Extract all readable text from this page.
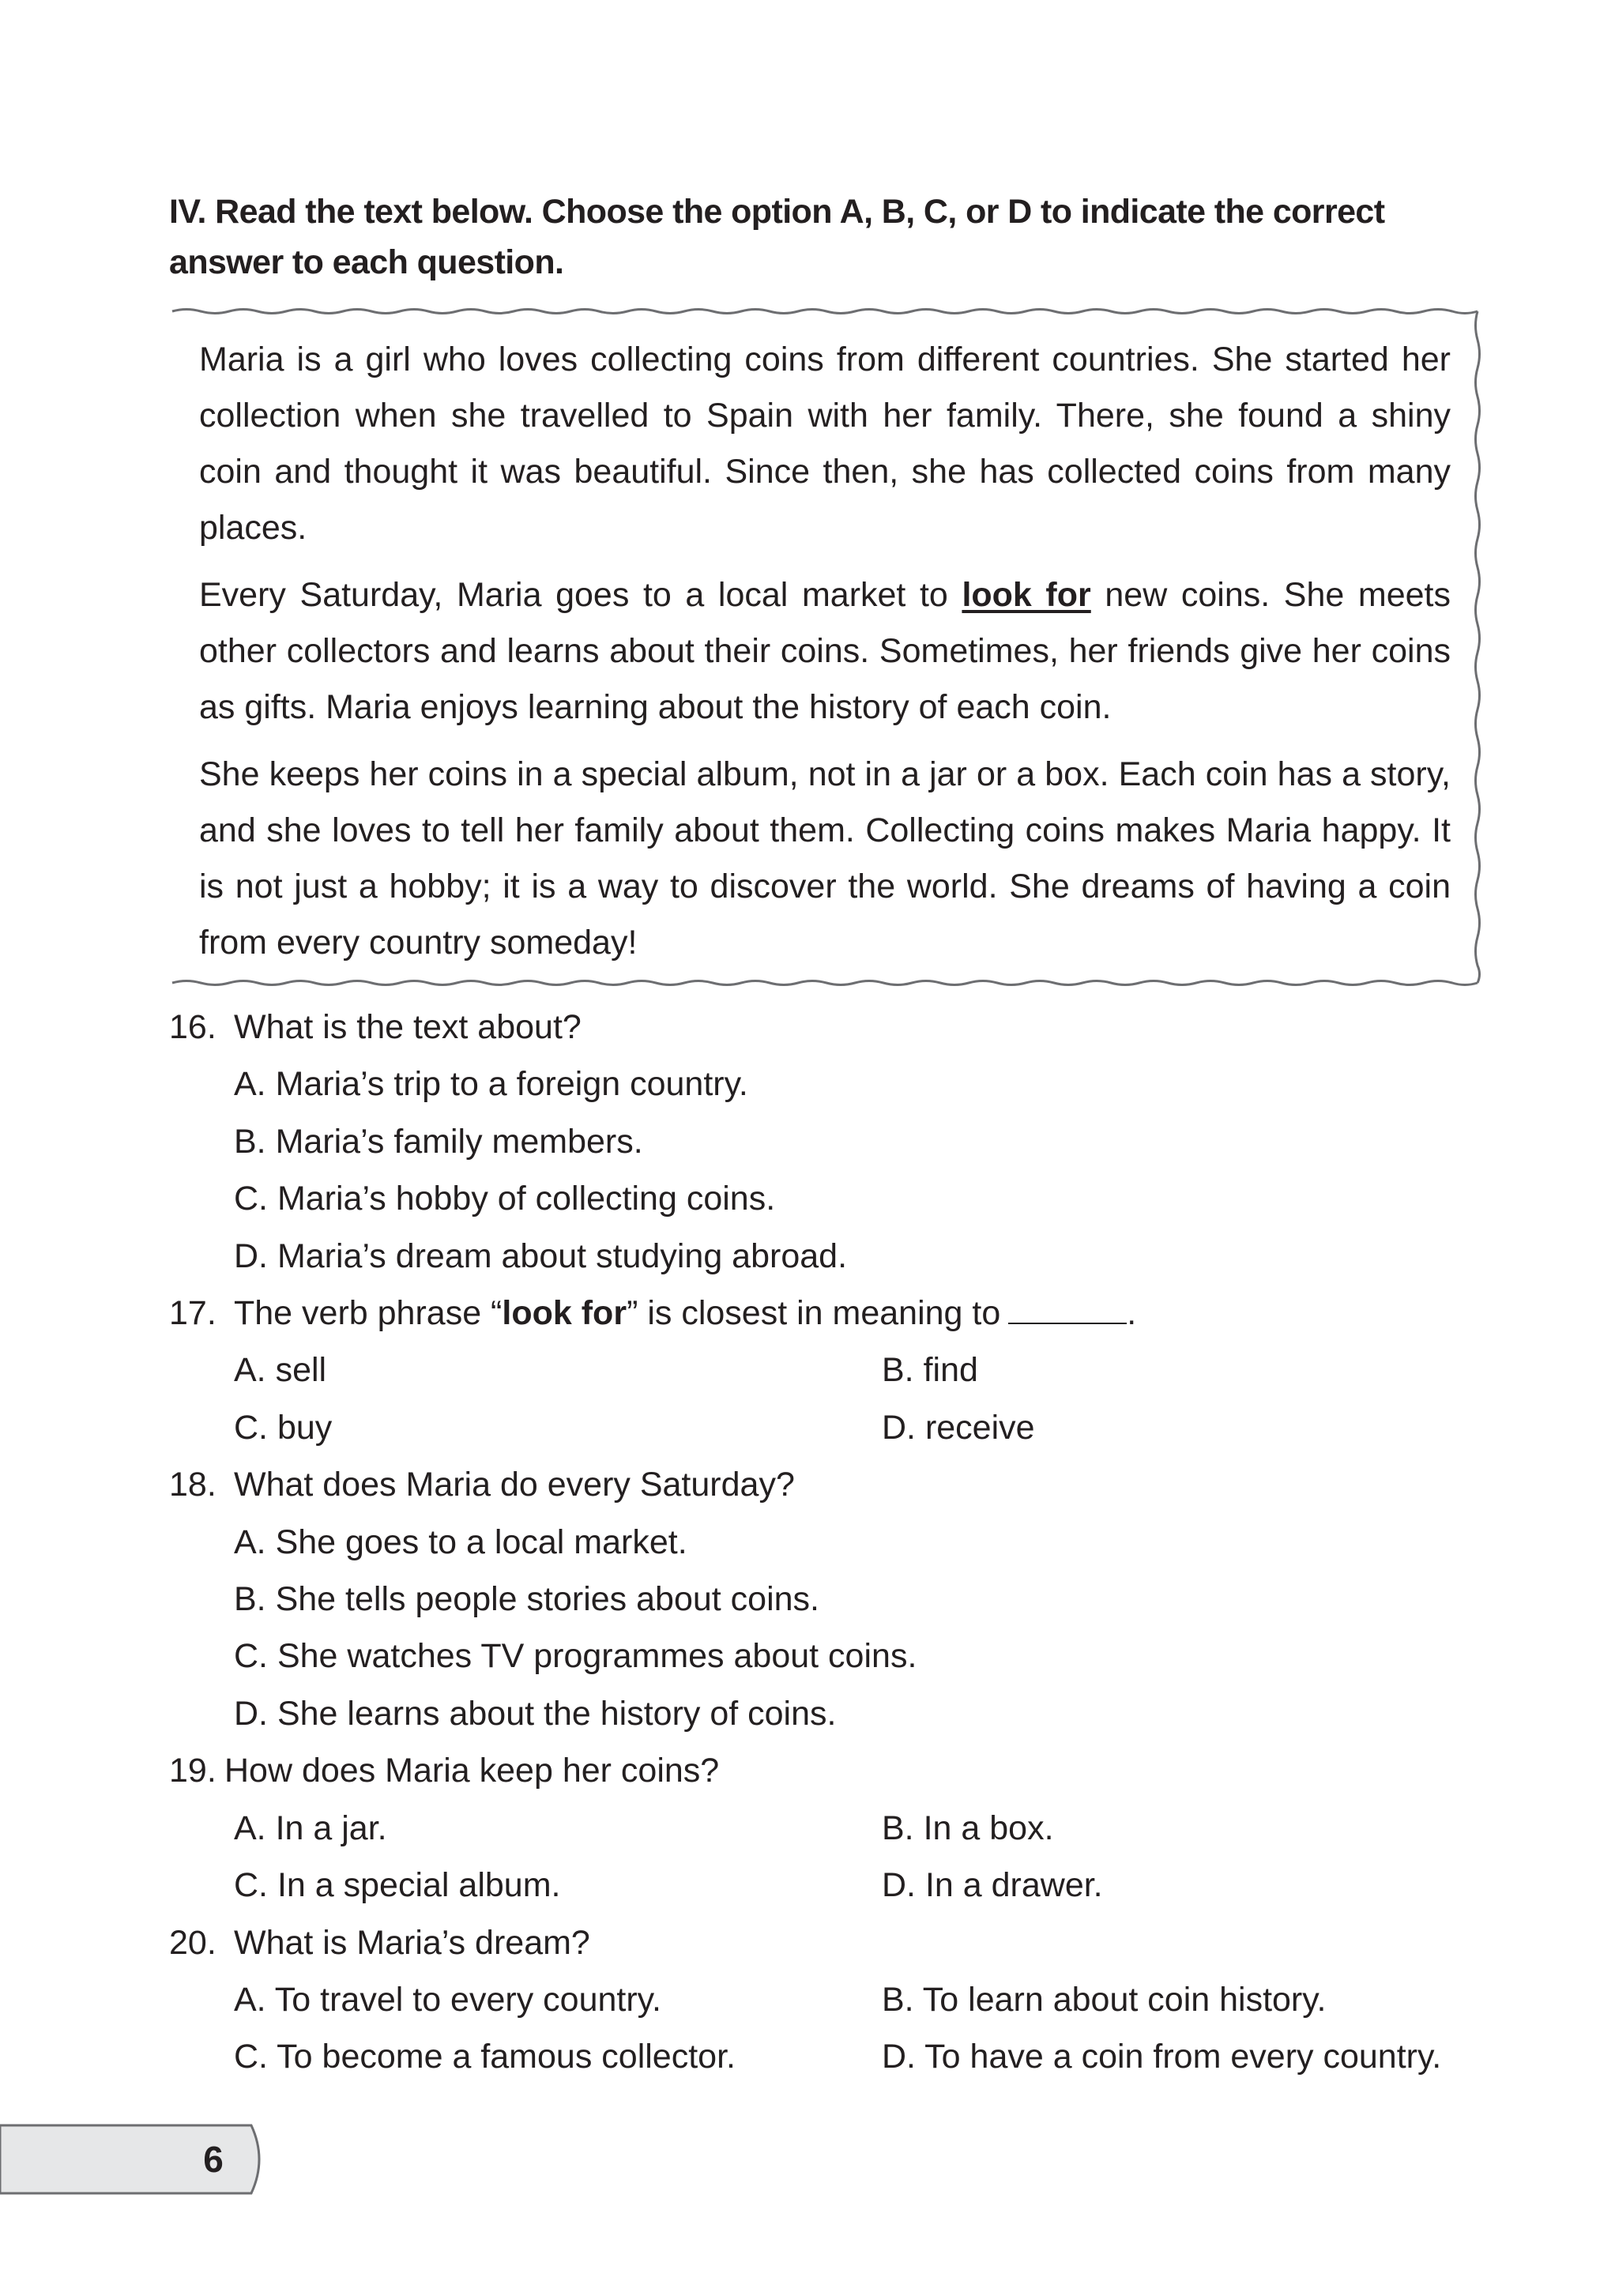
IV. Read the text below. Choose the option A, B, C, or D to indicate the correct answer to each question.

Maria is a girl who loves collecting coins from different countries. She started her collection when she travelled to Spain with her family. There, she found a shiny coin and thought it was beautiful. Since then, she has collected coins from many places.

Every Saturday, Maria goes to a local market to look for new coins. She meets other collectors and learns about their coins. Sometimes, her friends give her coins as gifts. Maria enjoys learning about the history of each coin.

She keeps her coins in a special album, not in a jar or a box. Each coin has a story, and she loves to tell her family about them. Collecting coins makes Maria happy. It is not just a hobby; it is a way to discover the world. She dreams of having a coin from every country someday!

16. What is the text about?
A. Maria’s trip to a foreign country.
B. Maria’s family members.
C. Maria’s hobby of collecting coins.
D. Maria’s dream about studying abroad.
17. The verb phrase “look for” is closest in meaning to	.
A. sell	B. find
C. buy	D. receive
18. What does Maria do every Saturday?
A. She goes to a local market.
B. She tells people stories about coins.
C. She watches TV programmes about coins.
D. She learns about the history of coins.
19. How does Maria keep her coins?
A. In a jar.	B. In a box.
C. In a special album.	D. In a drawer.
20. What is Maria’s dream?
A. To travel to every country.	B. To learn about coin history.
C. To become a famous collector.	D. To have a coin from every country.
6
